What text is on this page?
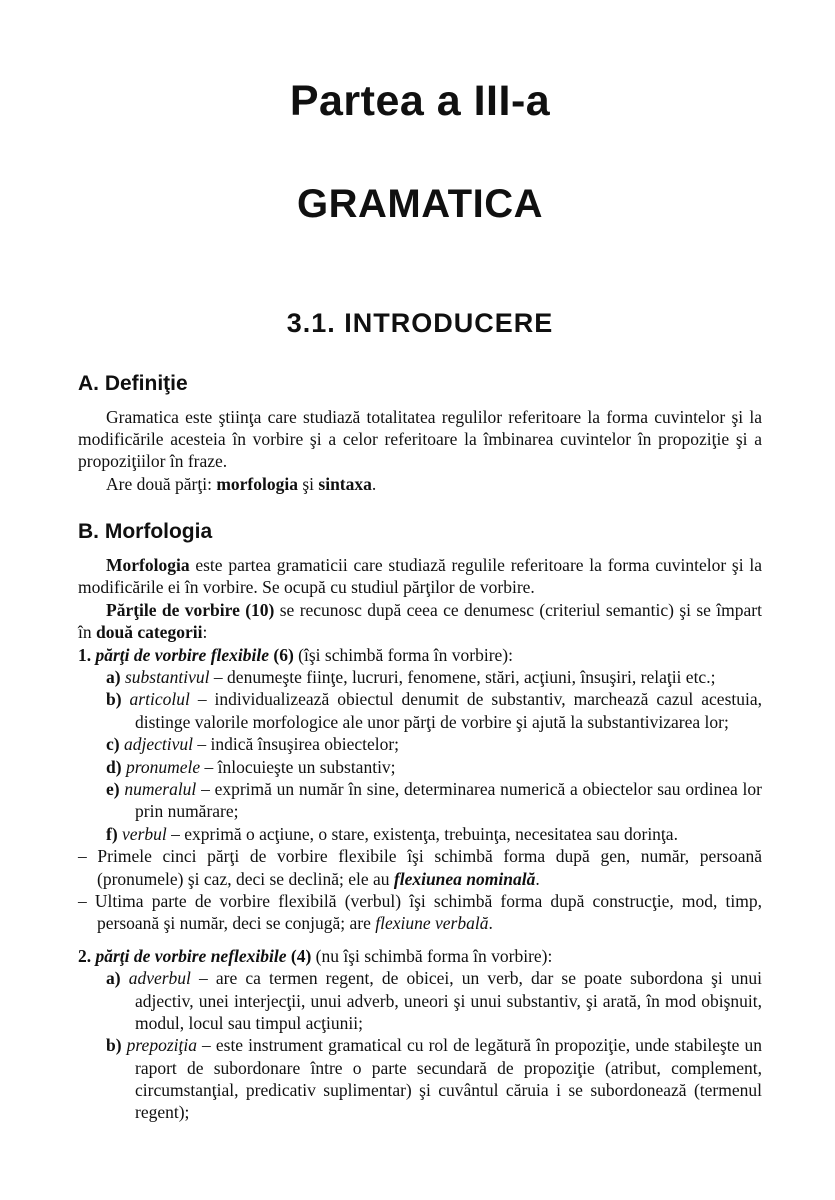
Partea a III-a
GRAMATICA
3.1. INTRODUCERE
A. Definiţie

Gramatica este ştiinţa care studiază totalitatea regulilor referitoare la forma cuvintelor şi la modificările acesteia în vorbire şi a celor referitoare la îmbinarea cuvintelor în propoziţie şi a propoziţiilor în fraze.

Are două părţi: morfologia şi sintaxa.

B. Morfologia

Morfologia este partea gramaticii care studiază regulile referitoare la forma cuvintelor şi la modificările ei în vorbire. Se ocupă cu studiul părţilor de vorbire.

Părţile de vorbire (10) se recunosc după ceea ce denumesc (criteriul semantic) şi se împart în două categorii:

1. părţi de vorbire flexibile (6) (îşi schimbă forma în vorbire):

a) substantivul – denumeşte fiinţe, lucruri, fenomene, stări, acţiuni, însuşiri, relaţii etc.;

b) articolul – individualizează obiectul denumit de substantiv, marchează cazul acestuia, distinge valorile morfologice ale unor părţi de vorbire şi ajută la substantivizarea lor;

c) adjectivul – indică însuşirea obiectelor;

d) pronumele – înlocuieşte un substantiv;

e) numeralul – exprimă un număr în sine, determinarea numerică a obiectelor sau ordinea lor prin numărare;

f) verbul – exprimă o acţiune, o stare, existenţa, trebuinţa, necesitatea sau dorinţa.

– Primele cinci părţi de vorbire flexibile îşi schimbă forma după gen, număr, persoană (pronumele) şi caz, deci se declină; ele au flexiunea nominală.

– Ultima parte de vorbire flexibilă (verbul) îşi schimbă forma după construcţie, mod, timp, persoană şi număr, deci se conjugă; are flexiune verbală.

2. părţi de vorbire neflexibile (4) (nu îşi schimbă forma în vorbire):

a) adverbul – are ca termen regent, de obicei, un verb, dar se poate subordona şi unui adjectiv, unei interjecţii, unui adverb, uneori şi unui substantiv, şi arată, în mod obişnuit, modul, locul sau timpul acţiunii;

b) prepoziţia – este instrument gramatical cu rol de legătură în propoziţie, unde stabileşte un raport de subordonare între o parte secundară de propoziţie (atribut, complement, circumstanţial, predicativ suplimentar) şi cuvântul căruia i se subordonează (termenul regent);
